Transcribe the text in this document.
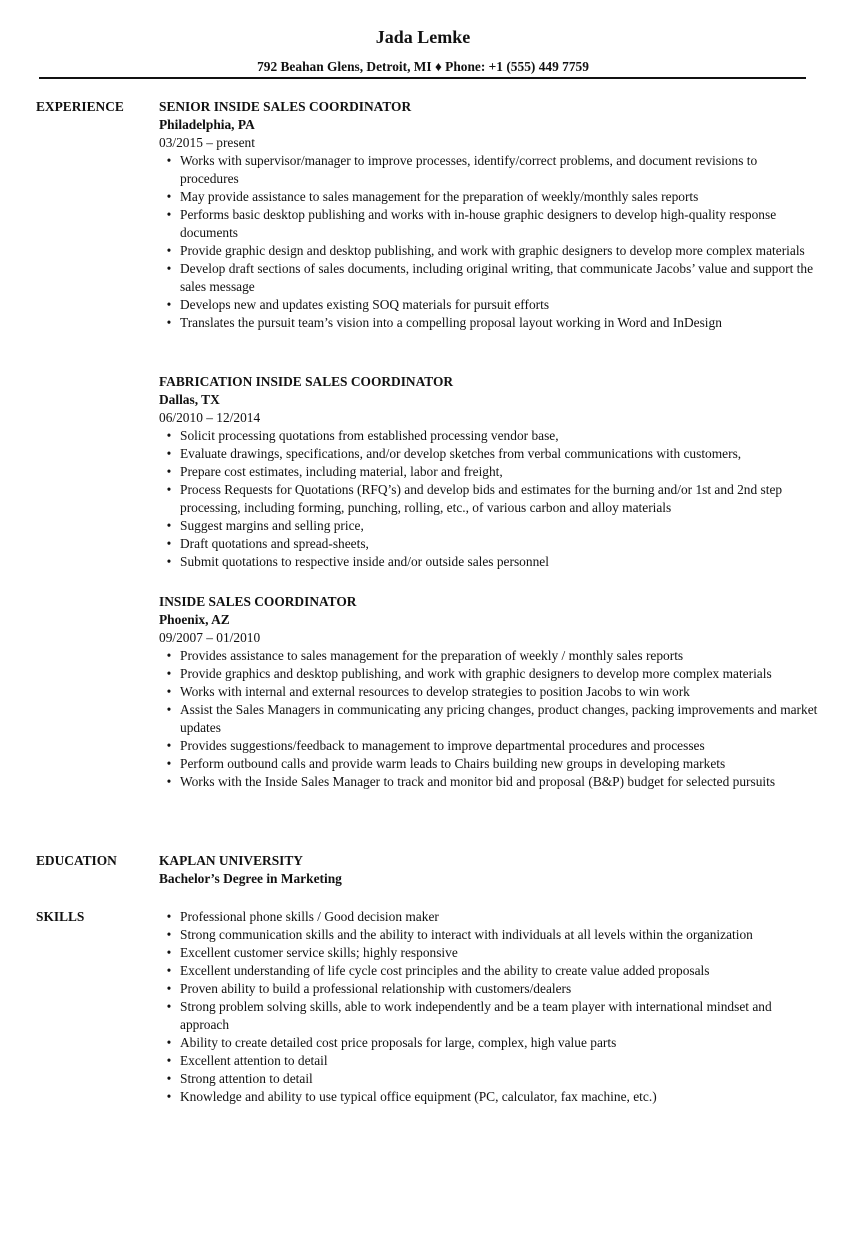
Jada Lemke
792 Beahan Glens, Detroit, MI ♦ Phone: +1 (555) 449 7759
EXPERIENCE	SENIOR INSIDE SALES COORDINATOR
Philadelphia, PA
03/2015 – present
• Works with supervisor/manager to improve processes, identify/correct problems, and document revisions to procedures
• May provide assistance to sales management for the preparation of weekly/monthly sales reports
• Performs basic desktop publishing and works with in-house graphic designers to develop high-quality response documents
• Provide graphic design and desktop publishing, and work with graphic designers to develop more complex materials
• Develop draft sections of sales documents, including original writing, that communicate Jacobs’ value and support the sales message
• Develops new and updates existing SOQ materials for pursuit efforts
• Translates the pursuit team’s vision into a compelling proposal layout working in Word and InDesign
FABRICATION INSIDE SALES COORDINATOR
Dallas, TX
06/2010 – 12/2014
• Solicit processing quotations from established processing vendor base,
• Evaluate drawings, specifications, and/or develop sketches from verbal communications with customers,
• Prepare cost estimates, including material, labor and freight,
• Process Requests for Quotations (RFQ’s) and develop bids and estimates for the burning and/or 1st and 2nd step processing, including forming, punching, rolling, etc., of various carbon and alloy materials
• Suggest margins and selling price,
• Draft quotations and spread-sheets,
• Submit quotations to respective inside and/or outside sales personnel
INSIDE SALES COORDINATOR
Phoenix, AZ
09/2007 – 01/2010
• Provides assistance to sales management for the preparation of weekly / monthly sales reports
• Provide graphics and desktop publishing, and work with graphic designers to develop more complex materials
• Works with internal and external resources to develop strategies to position Jacobs to win work
• Assist the Sales Managers in communicating any pricing changes, product changes, packing improvements and market updates
• Provides suggestions/feedback to management to improve departmental procedures and processes
• Perform outbound calls and provide warm leads to Chairs building new groups in developing markets
• Works with the Inside Sales Manager to track and monitor bid and proposal (B&P) budget for selected pursuits
EDUCATION	KAPLAN UNIVERSITY
Bachelor’s Degree in Marketing
SKILLS	• Professional phone skills / Good decision maker
• Strong communication skills and the ability to interact with individuals at all levels within the organization
• Excellent customer service skills; highly responsive
• Excellent understanding of life cycle cost principles and the ability to create value added proposals
• Proven ability to build a professional relationship with customers/dealers
• Strong problem solving skills, able to work independently and be a team player with international mindset and approach
• Ability to create detailed cost price proposals for large, complex, high value parts
• Excellent attention to detail
• Strong attention to detail
• Knowledge and ability to use typical office equipment (PC, calculator, fax machine, etc.)
